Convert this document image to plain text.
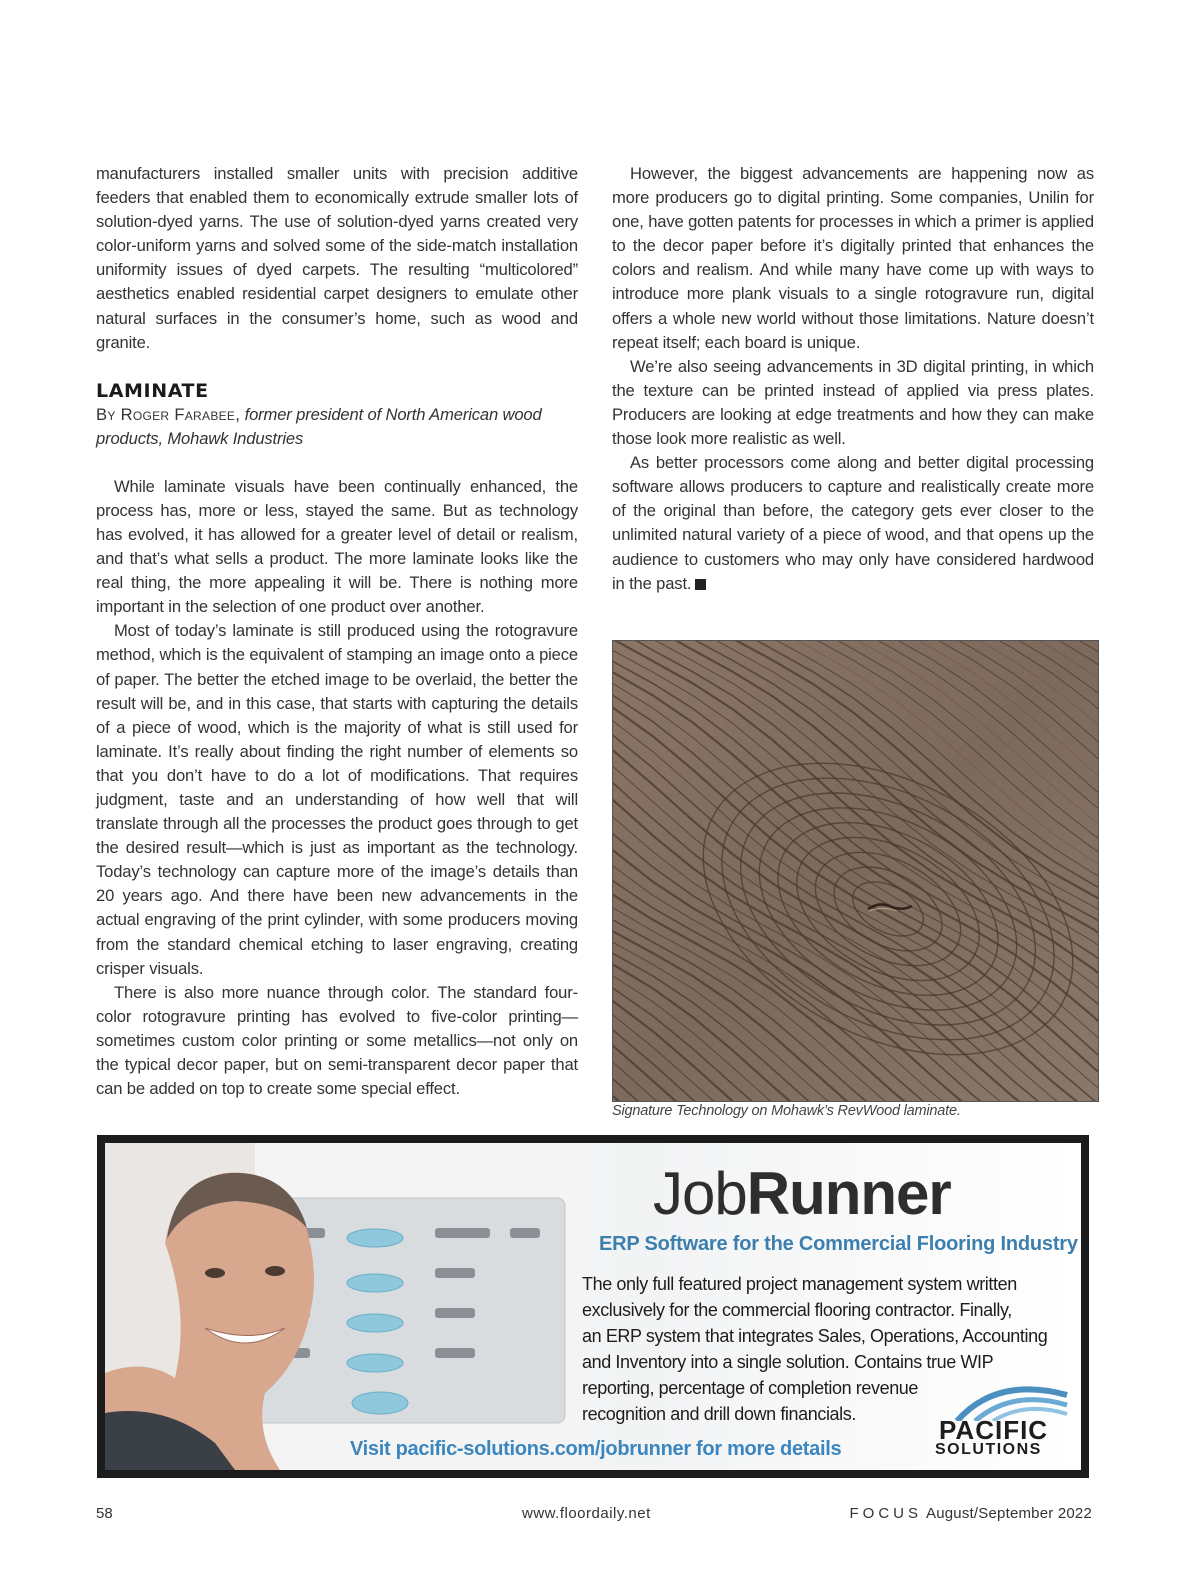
manufacturers installed smaller units with precision additive feeders that enabled them to economically extrude smaller lots of solution-dyed yarns. The use of solution-dyed yarns created very color-uniform yarns and solved some of the side-match installation uniformity issues of dyed carpets. The resulting “multicolored” aesthetics enabled residential carpet designers to emulate other natural surfaces in the consumer’s home, such as wood and granite.

LAMINATE

By Roger Farabee, former president of North American wood products, Mohawk Industries

While laminate visuals have been continually enhanced, the process has, more or less, stayed the same. But as technology has evolved, it has allowed for a greater level of detail or realism, and that’s what sells a product. The more laminate looks like the real thing, the more appealing it will be. There is nothing more important in the selection of one product over another.

Most of today’s laminate is still produced using the rotogravure method, which is the equivalent of stamping an image onto a piece of paper. The better the etched image to be overlaid, the better the result will be, and in this case, that starts with capturing the details of a piece of wood, which is the majority of what is still used for laminate. It’s really about finding the right number of elements so that you don’t have to do a lot of modifications. That requires judgment, taste and an understanding of how well that will translate through all the processes the product goes through to get the desired result—which is just as important as the technology. Today’s technology can capture more of the image’s details than 20 years ago. And there have been new advancements in the actual engraving of the print cylinder, with some producers moving from the standard chemical etching to laser engraving, creating crisper visuals.

There is also more nuance through color. The standard four-color rotogravure printing has evolved to five-color printing—sometimes custom color printing or some metallics—not only on the typical decor paper, but on semi-transparent decor paper that can be added on top to create some special effect.

However, the biggest advancements are happening now as more producers go to digital printing. Some companies, Unilin for one, have gotten patents for processes in which a primer is applied to the decor paper before it’s digitally printed that enhances the colors and realism. And while many have come up with ways to introduce more plank visuals to a single rotogravure run, digital offers a whole new world without those limitations. Nature doesn’t repeat itself; each board is unique.

We’re also seeing advancements in 3D digital printing, in which the texture can be printed instead of applied via press plates. Producers are looking at edge treatments and how they can make those look more realistic as well.

As better processors come along and better digital processing software allows producers to capture and realistically create more of the original than before, the category gets ever closer to the unlimited natural variety of a piece of wood, and that opens up the audience to customers who may only have considered hardwood in the past.

Signature Technology on Mohawk’s RevWood laminate.
JobRunner
ERP Software for the Commercial Flooring Industry
The only full featured project management system written
exclusively for the commercial flooring contractor. Finally,
an ERP system that integrates Sales, Operations, Accounting
and Inventory into a single solution. Contains true WIP
reporting, percentage of completion revenue
recognition and drill down financials.
PACIFIC
SOLUTIONS
Visit pacific-solutions.com/jobrunner for more details
58	www.floordaily.net	FOCUS August/September 2022
